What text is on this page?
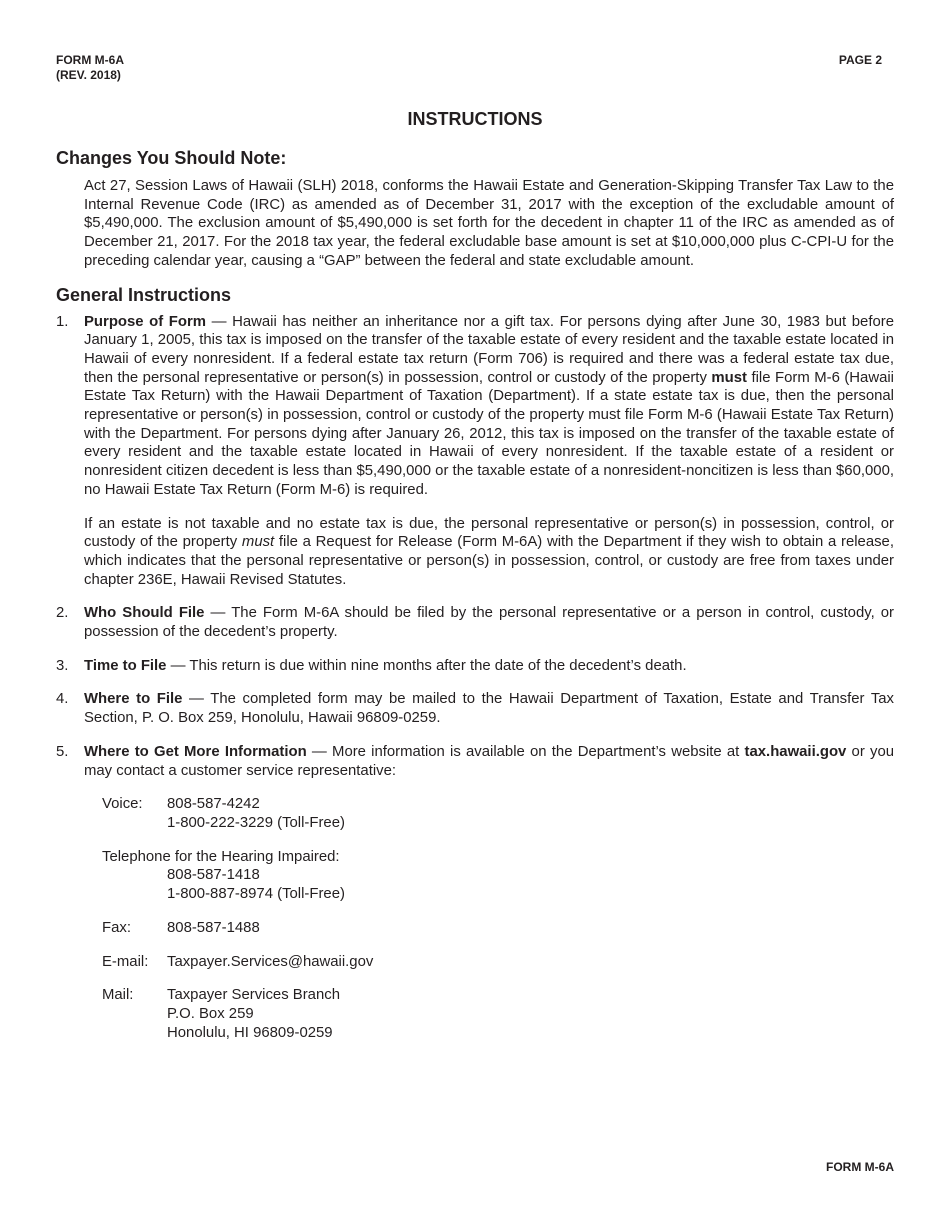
FORM M-6A
(REV. 2018)
PAGE 2
INSTRUCTIONS
Changes You Should Note:

Act 27, Session Laws of Hawaii (SLH) 2018, conforms the Hawaii Estate and Generation-Skipping Transfer Tax Law to the Internal Revenue Code (IRC) as amended as of December 31, 2017 with the exception of the excludable amount of $5,490,000. The exclusion amount of $5,490,000 is set forth for the decedent in chapter 11 of the IRC as amended as of December 21, 2017. For the 2018 tax year, the federal excludable base amount is set at $10,000,000 plus C-CPI-U for the preceding calendar year, causing a “GAP” between the federal and state excludable amount.

General Instructions
1. Purpose of Form — Hawaii has neither an inheritance nor a gift tax. For persons dying after June 30, 1983 but before January 1, 2005, this tax is imposed on the transfer of the taxable estate of every resident and the taxable estate located in Hawaii of every nonresident. If a federal estate tax return (Form 706) is required and there was a federal estate tax due, then the personal representative or person(s) in possession, control or custody of the property must file Form M-6 (Hawaii Estate Tax Return) with the Hawaii Department of Taxation (Department). If a state estate tax is due, then the personal representative or person(s) in possession, control or custody of the property must file Form M-6 (Hawaii Estate Tax Return) with the Department. For persons dying after January 26, 2012, this tax is imposed on the transfer of the taxable estate of every resident and the taxable estate located in Hawaii of every nonresident. If the taxable estate of a resident or nonresident citizen decedent is less than $5,490,000 or the taxable estate of a nonresident-noncitizen is less than $60,000, no Hawaii Estate Tax Return (Form M-6) is required.

If an estate is not taxable and no estate tax is due, the personal representative or person(s) in possession, control, or custody of the property must file a Request for Release (Form M-6A) with the Department if they wish to obtain a release, which indicates that the personal representative or person(s) in possession, control, or custody are free from taxes under chapter 236E, Hawaii Revised Statutes.

2. Who Should File — The Form M-6A should be filed by the personal representative or a person in control, custody, or possession of the decedent’s property.
3. Time to File — This return is due within nine months after the date of the decedent’s death.
4. Where to File — The completed form may be mailed to the Hawaii Department of Taxation, Estate and Transfer Tax Section, P. O. Box 259, Honolulu, Hawaii 96809-0259.
5. Where to Get More Information — More information is available on the Department’s website at tax.hawaii.gov or you may contact a customer service representative:
Voice:	808-587-4242
1-800-222-3229 (Toll-Free)
Telephone for the Hearing Impaired:
808-587-1418
1-800-887-8974 (Toll-Free)
Fax:	808-587-1488
E-mail:	Taxpayer.Services@hawaii.gov
Mail:	Taxpayer Services Branch
P.O. Box 259
Honolulu, HI 96809-0259
FORM M-6A
